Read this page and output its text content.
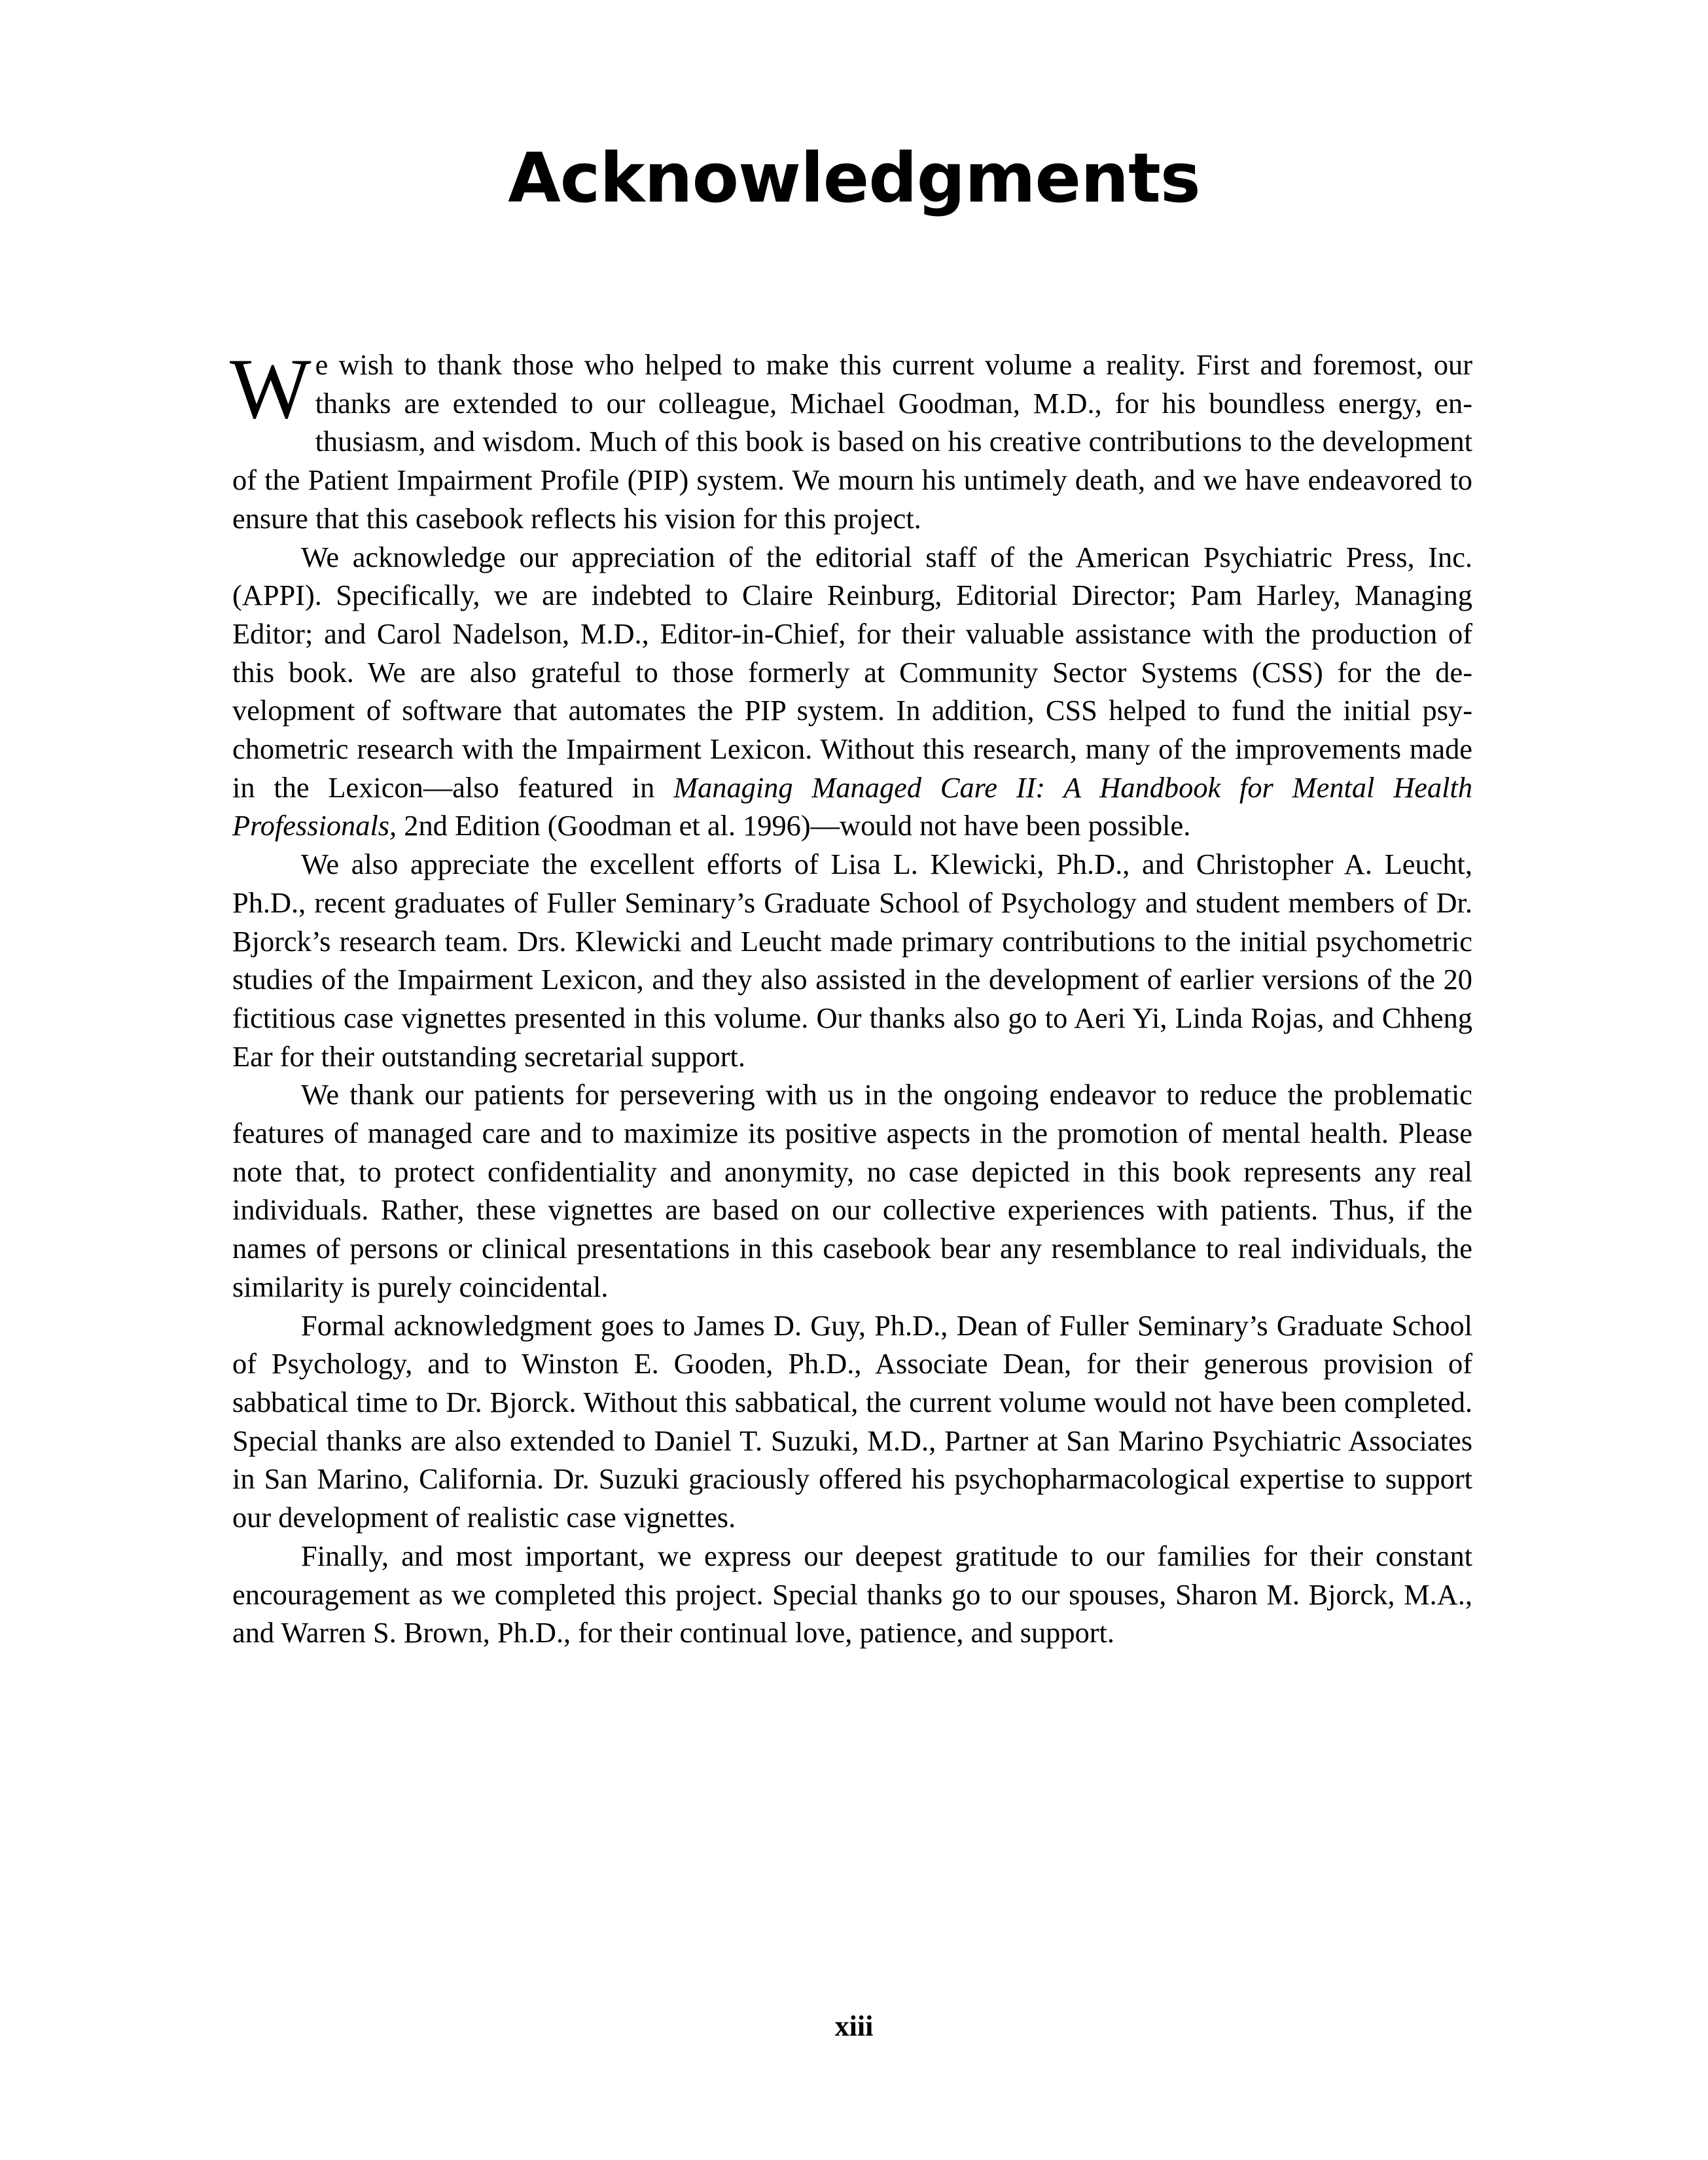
Acknowledgments

We wish to thank those who helped to make this current volume a reality. First and foremost, our thanks are extended to our colleague, Michael Goodman, M.D., for his boundless energy, enthusiasm, and wisdom. Much of this book is based on his creative contributions to the development of the Patient Impairment Profile (PIP) system. We mourn his untimely death, and we have endeavored to ensure that this casebook reflects his vision for this project.

We acknowledge our appreciation of the editorial staff of the American Psychiatric Press, Inc. (APPI). Specifically, we are indebted to Claire Reinburg, Editorial Director; Pam Harley, Managing Editor; and Carol Nadelson, M.D., Editor-in-Chief, for their valuable assistance with the production of this book. We are also grateful to those formerly at Community Sector Systems (CSS) for the development of software that automates the PIP system. In addition, CSS helped to fund the initial psychometric research with the Impairment Lexicon. Without this research, many of the improvements made in the Lexicon—also featured in Managing Managed Care II: A Handbook for Mental Health Professionals, 2nd Edition (Goodman et al. 1996)—would not have been possible.

We also appreciate the excellent efforts of Lisa L. Klewicki, Ph.D., and Christopher A. Leucht, Ph.D., recent graduates of Fuller Seminary’s Graduate School of Psychology and student members of Dr. Bjorck’s research team. Drs. Klewicki and Leucht made primary contributions to the initial psychometric studies of the Impairment Lexicon, and they also assisted in the development of earlier versions of the 20 fictitious case vignettes presented in this volume. Our thanks also go to Aeri Yi, Linda Rojas, and Chheng Ear for their outstanding secretarial support.

We thank our patients for persevering with us in the ongoing endeavor to reduce the problematic features of managed care and to maximize its positive aspects in the promotion of mental health. Please note that, to protect confidentiality and anonymity, no case depicted in this book represents any real individuals. Rather, these vignettes are based on our collective experiences with patients. Thus, if the names of persons or clinical presentations in this casebook bear any resemblance to real individuals, the similarity is purely coincidental.

Formal acknowledgment goes to James D. Guy, Ph.D., Dean of Fuller Seminary’s Graduate School of Psychology, and to Winston E. Gooden, Ph.D., Associate Dean, for their generous provision of sabbatical time to Dr. Bjorck. Without this sabbatical, the current volume would not have been completed. Special thanks are also extended to Daniel T. Suzuki, M.D., Partner at San Marino Psychiatric Associates in San Marino, California. Dr. Suzuki graciously offered his psychopharmacological expertise to support our development of realistic case vignettes.

Finally, and most important, we express our deepest gratitude to our families for their constant encouragement as we completed this project. Special thanks go to our spouses, Sharon M. Bjorck, M.A., and Warren S. Brown, Ph.D., for their continual love, patience, and support.

xiii
